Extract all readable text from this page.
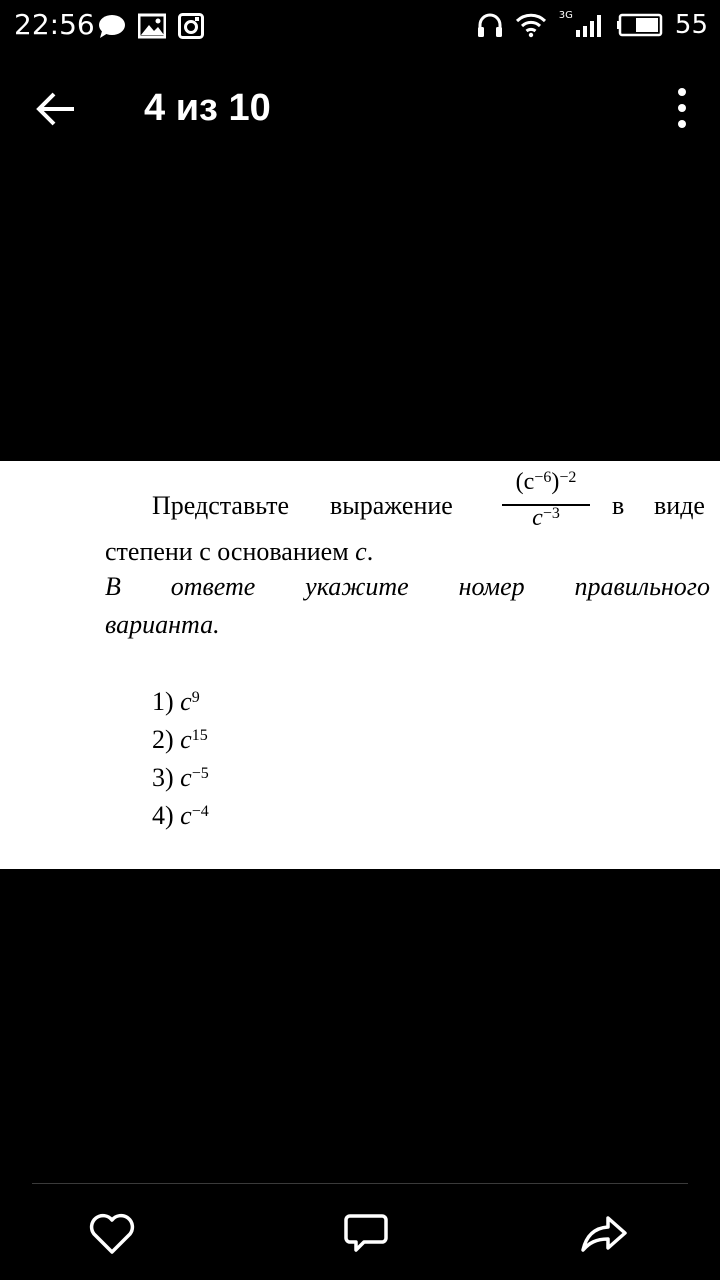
22:56	3G	55
4 из 10
Представьте выражение
$(c^{-6})^{-2}$
$c^{-3}$	в виде
степени с основанием c.
В ответе укажите номер правильного
варианта.
1) $c^9$
2) $c^{15}$
3) $c^{-5}$
4) $c^{-4}$
